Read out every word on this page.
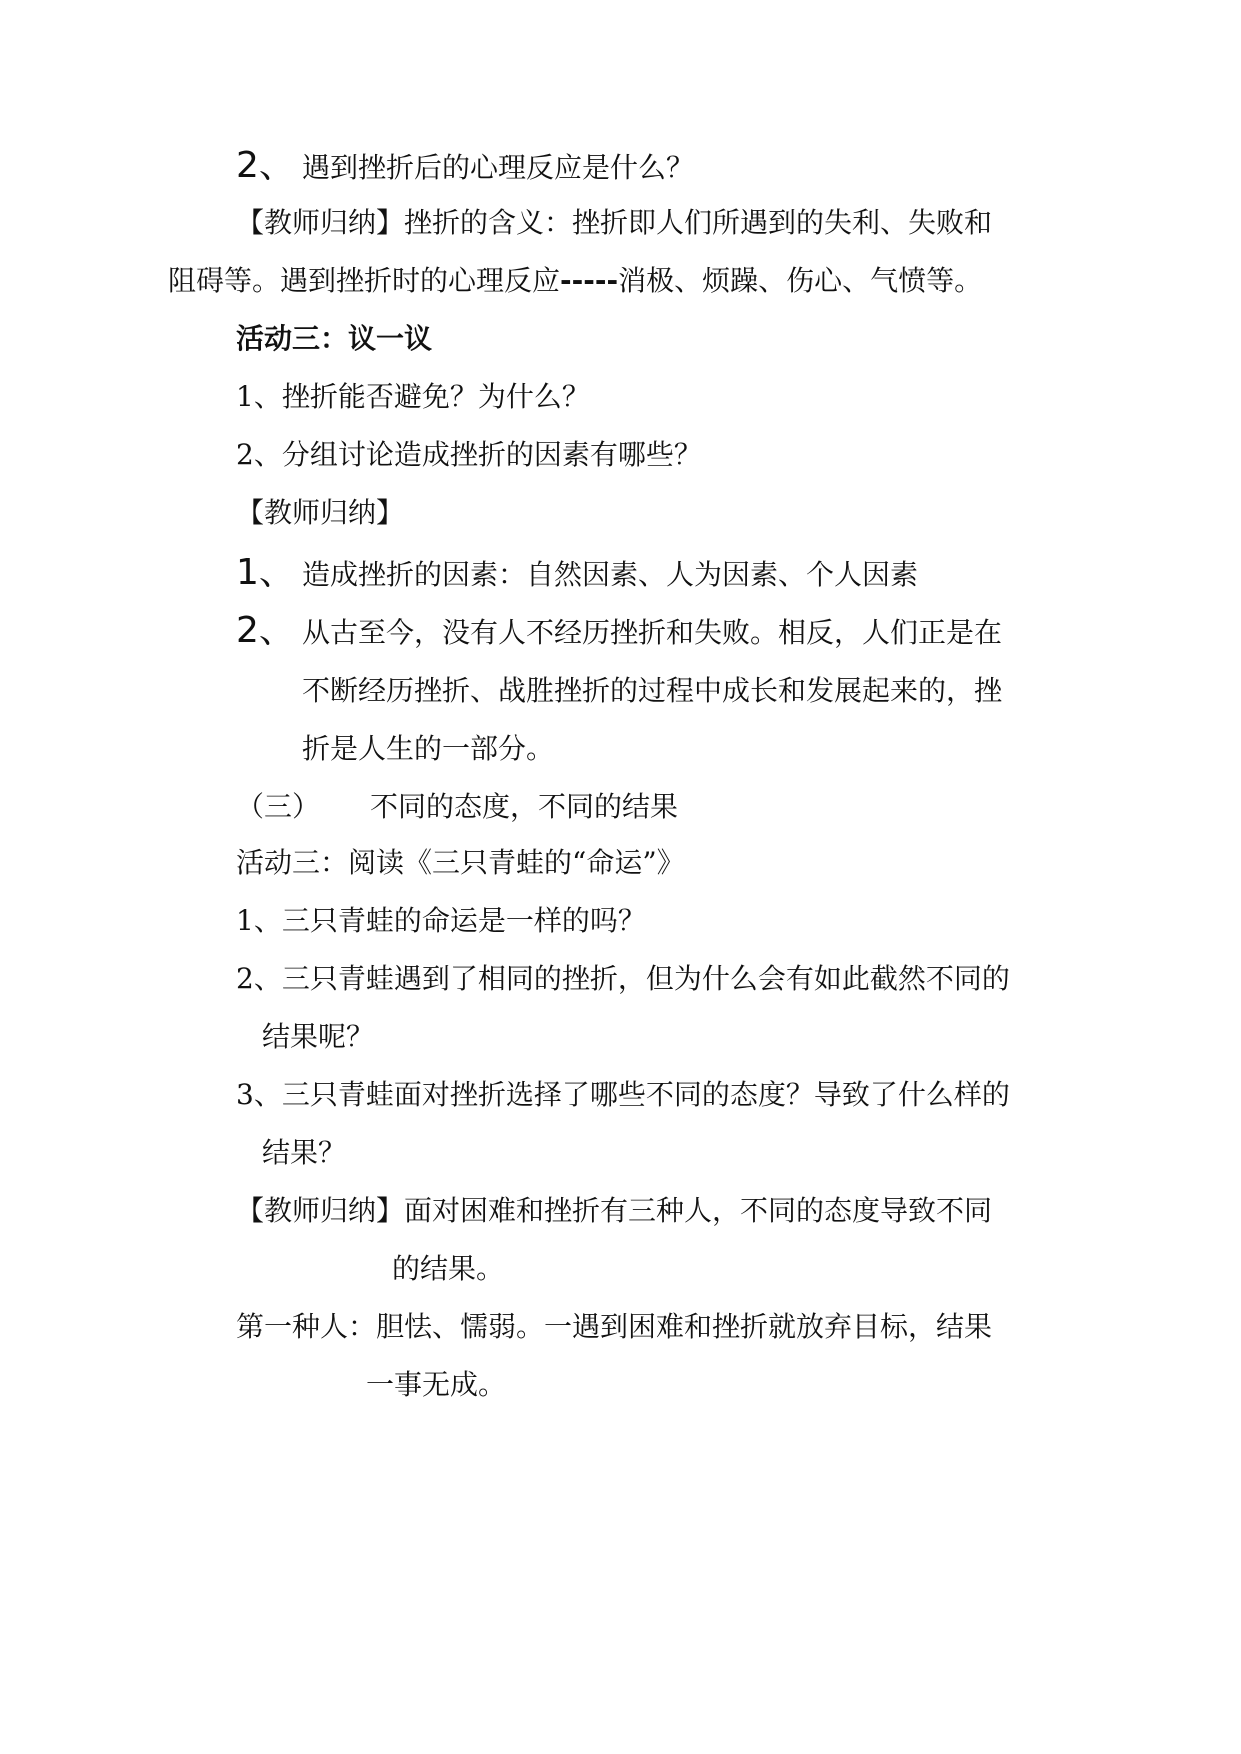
2、 遇到挫折后的心理反应是什么？
【教师归纳】挫折的含义：挫折即人们所遇到的失利、失败和
阻碍等。遇到挫折时的心理反应-----消极、烦躁、伤心、气愤等。
活动三：议一议
1、挫折能否避免？为什么？
2、分组讨论造成挫折的因素有哪些？
【教师归纳】
1、 造成挫折的因素：自然因素、人为因素、个人因素
2、 从古至今，没有人不经历挫折和失败。相反，人们正是在
不断经历挫折、战胜挫折的过程中成长和发展起来的，挫
折是人生的一部分。
（三） 不同的态度，不同的结果
活动三：阅读《三只青蛙的“命运”》
1、三只青蛙的命运是一样的吗？
2、三只青蛙遇到了相同的挫折，但为什么会有如此截然不同的
结果呢？
3、三只青蛙面对挫折选择了哪些不同的态度？导致了什么样的
结果？
【教师归纳】面对困难和挫折有三种人，不同的态度导致不同
的结果。
第一种人：胆怯、懦弱。一遇到困难和挫折就放弃目标，结果
一事无成。
